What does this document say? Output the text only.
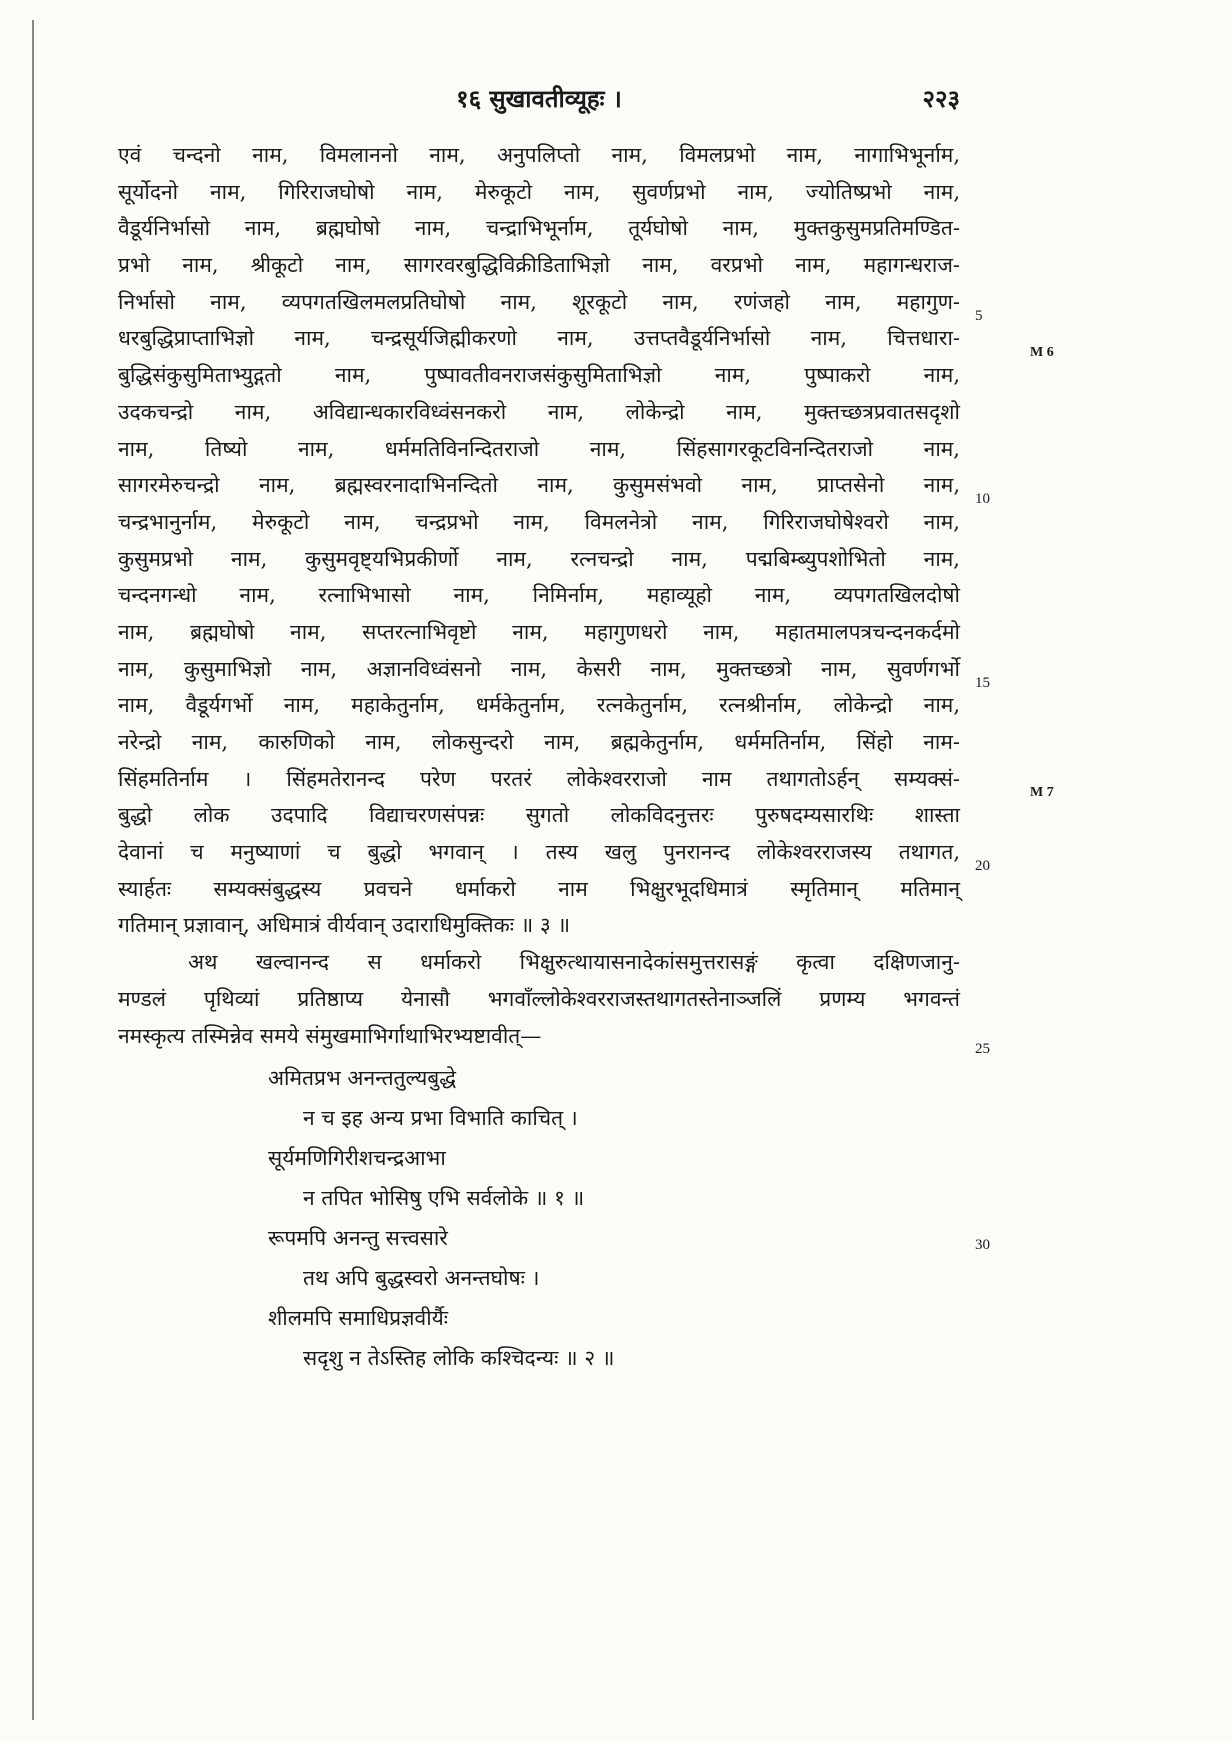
१६ सुखावतीव्यूहः ।	२२३
एवं चन्दनो नाम, विमलाननो नाम, अनुपलिप्तो नाम, विमलप्रभो नाम, नागाभिभूर्नाम,
सूर्योदनो नाम, गिरिराजघोषो नाम, मेरुकूटो नाम, सुवर्णप्रभो नाम, ज्योतिष्प्रभो नाम,
वैडूर्यनिर्भासो नाम, ब्रह्मघोषो नाम, चन्द्राभिभूर्नाम, तूर्यघोषो नाम, मुक्तकुसुमप्रतिमण्डित-
प्रभो नाम, श्रीकूटो नाम, सागरवरबुद्धिविक्रीडिताभिज्ञो नाम, वरप्रभो नाम, महागन्धराज-
निर्भासो नाम, व्यपगतखिलमलप्रतिघोषो नाम, शूरकूटो नाम, रणंजहो नाम, महागुण-
धरबुद्धिप्राप्ताभिज्ञो नाम, चन्द्रसूर्यजिह्मीकरणो नाम, उत्तप्तवैडूर्यनिर्भासो नाम, चित्तधारा-
बुद्धिसंकुसुमिताभ्युद्गतो नाम, पुष्पावतीवनराजसंकुसुमिताभिज्ञो नाम, पुष्पाकरो नाम,
उदकचन्द्रो नाम, अविद्यान्धकारविध्वंसनकरो नाम, लोकेन्द्रो नाम, मुक्तच्छत्रप्रवातसदृशो
नाम, तिष्यो नाम, धर्ममतिविनन्दितराजो नाम, सिंहसागरकूटविनन्दितराजो नाम,
सागरमेरुचन्द्रो नाम, ब्रह्मस्वरनादाभिनन्दितो नाम, कुसुमसंभवो नाम, प्राप्तसेनो नाम,
चन्द्रभानुर्नाम, मेरुकूटो नाम, चन्द्रप्रभो नाम, विमलनेत्रो नाम, गिरिराजघोषेश्वरो नाम,
कुसुमप्रभो नाम, कुसुमवृष्ट्यभिप्रकीर्णो नाम, रत्नचन्द्रो नाम, पद्मबिम्ब्युपशोभितो नाम,
चन्दनगन्धो नाम, रत्नाभिभासो नाम, निमिर्नाम, महाव्यूहो नाम, व्यपगतखिलदोषो
नाम, ब्रह्मघोषो नाम, सप्तरत्नाभिवृष्टो नाम, महागुणधरो नाम, महातमालपत्रचन्दनकर्दमो
नाम, कुसुमाभिज्ञो नाम, अज्ञानविध्वंसनो नाम, केसरी नाम, मुक्तच्छत्रो नाम, सुवर्णगर्भो
नाम, वैडूर्यगर्भो नाम, महाकेतुर्नाम, धर्मकेतुर्नाम, रत्नकेतुर्नाम, रत्नश्रीर्नाम, लोकेन्द्रो नाम,
नरेन्द्रो नाम, कारुणिको नाम, लोकसुन्दरो नाम, ब्रह्मकेतुर्नाम, धर्ममतिर्नाम, सिंहो नाम-
सिंहमतिर्नाम । सिंहमतेरानन्द परेण परतरं लोकेश्वरराजो नाम तथागतोऽर्हन् सम्यक्सं-
बुद्धो लोक उदपादि विद्याचरणसंपन्नः सुगतो लोकविदनुत्तरः पुरुषदम्यसारथिः शास्ता
देवानां च मनुष्याणां च बुद्धो भगवान् । तस्य खलु पुनरानन्द लोकेश्वरराजस्य तथागत,
स्यार्हतः सम्यक्संबुद्धस्य प्रवचने धर्माकरो नाम भिक्षुरभूदधिमात्रं स्मृतिमान् मतिमान्
गतिमान् प्रज्ञावान्, अधिमात्रं वीर्यवान् उदाराधिमुक्तिकः ॥ ३ ॥
अथ खल्वानन्द स धर्माकरो भिक्षुरुत्थायासनादेकांसमुत्तरासङ्गं कृत्वा दक्षिणजानु-
मण्डलं पृथिव्यां प्रतिष्ठाप्य येनासौ भगवाँल्लोकेश्वरराजस्तथागतस्तेनाञ्जलिं प्रणम्य भगवन्तं
नमस्कृत्य तस्मिन्नेव समये संमुखमाभिर्गाथाभिरभ्यष्टावीत्—
अमितप्रभ अनन्ततुल्यबुद्धे
न च इह अन्य प्रभा विभाति काचित् ।
सूर्यमणिगिरीशचन्द्रआभा
न तपित भोसिषु एभि सर्वलोके ॥ १ ॥
रूपमपि अनन्तु सत्त्वसारे
तथ अपि बुद्धस्वरो अनन्तघोषः ।
शीलमपि समाधिप्रज्ञवीर्यैः
सदृशु न तेऽस्तिह लोकि कश्चिदन्यः ॥ २ ॥
5
10
15
20
25
30
M 6
M 7
